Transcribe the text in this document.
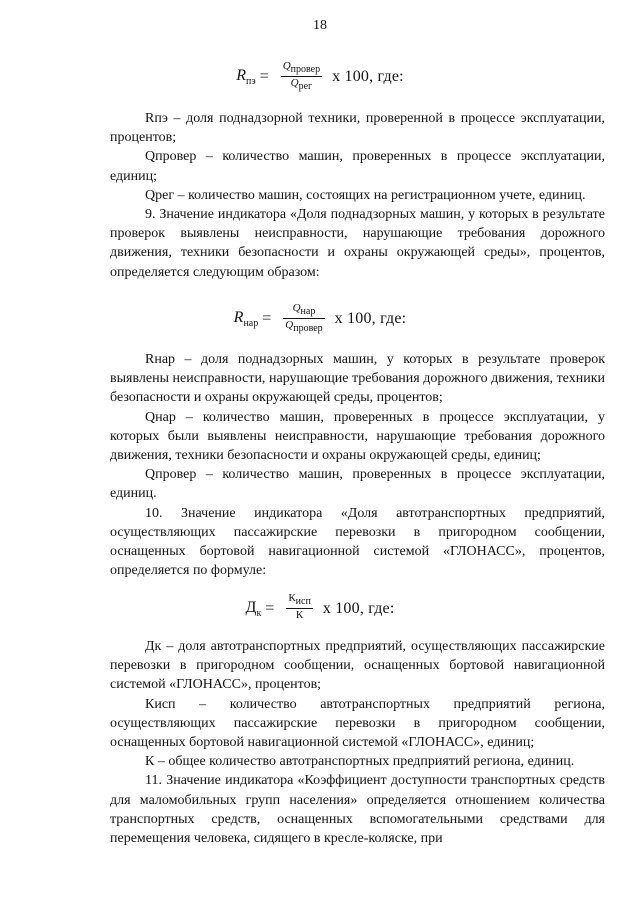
18
$R_{пэ} = \frac{Q_{провер}}{Q_{рег}}$ x 100, где:

Rпэ – доля поднадзорной техники, проверенной в процессе эксплуатации, процентов;

Qпровер – количество машин, проверенных в процессе эксплуатации, единиц;

Qрег – количество машин, состоящих на регистрационном учете, единиц.

9. Значение индикатора «Доля поднадзорных машин, у которых в результате проверок выявлены неисправности, нарушающие требования дорожного движения, техники безопасности и охраны окружающей среды», процентов, определяется следующим образом:

$R_{нар} = \frac{Q_{нар}}{Q_{провер}}$ x 100, где:

Rнар – доля поднадзорных машин, у которых в результате проверок выявлены неисправности, нарушающие требования дорожного движения, техники безопасности и охраны окружающей среды, процентов;

Qнар – количество машин, проверенных в процессе эксплуатации, у которых были выявлены неисправности, нарушающие требования дорожного движения, техники безопасности и охраны окружающей среды, единиц;

Qпровер – количество машин, проверенных в процессе эксплуатации, единиц.

10. Значение индикатора «Доля автотранспортных предприятий, осуществляющих пассажирские перевозки в пригородном сообщении, оснащенных бортовой навигационной системой «ГЛОНАСС», процентов, определяется по формуле:

$Д_к = \frac{К_{исп}}{К}$ x 100, где:

Дк – доля автотранспортных предприятий, осуществляющих пассажирские перевозки в пригородном сообщении, оснащенных бортовой навигационной системой «ГЛОНАСС», процентов;

Кисп – количество автотранспортных предприятий региона, осуществляющих пассажирские перевозки в пригородном сообщении, оснащенных бортовой навигационной системой «ГЛОНАСС», единиц;

К – общее количество автотранспортных предприятий региона, единиц.

11. Значение индикатора «Коэффициент доступности транспортных средств для маломобильных групп населения» определяется отношением количества транспортных средств, оснащенных вспомогательными средствами для перемещения человека, сидящего в кресле-коляске, при
